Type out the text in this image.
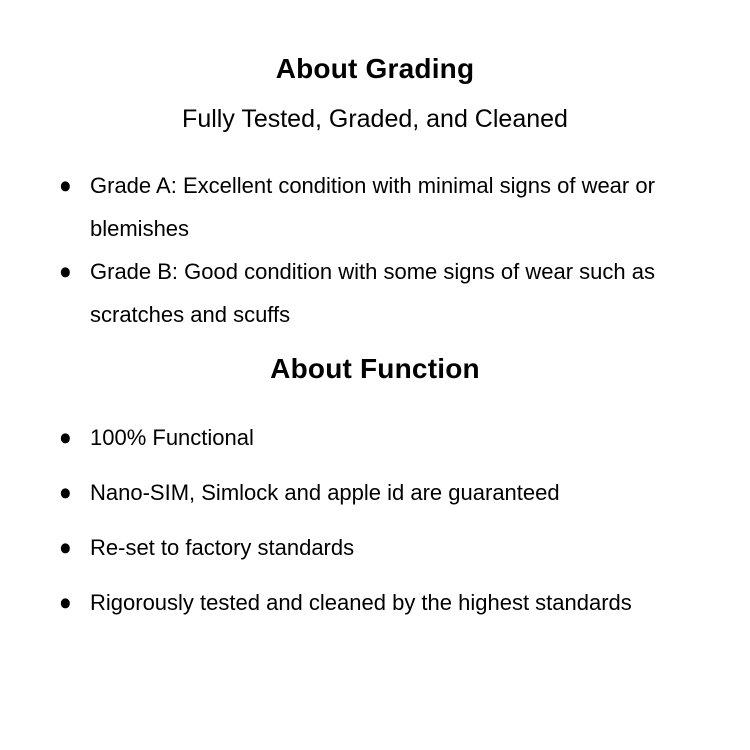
About Grading

Fully Tested, Graded, and Cleaned

● Grade A: Excellent condition with minimal signs of wear or blemishes
● Grade B: Good condition with some signs of wear such as scratches and scuffs
About Function
● 100% Functional
● Nano-SIM, Simlock and apple id are guaranteed
● Re-set to factory standards
● Rigorously tested and cleaned by the highest standards
